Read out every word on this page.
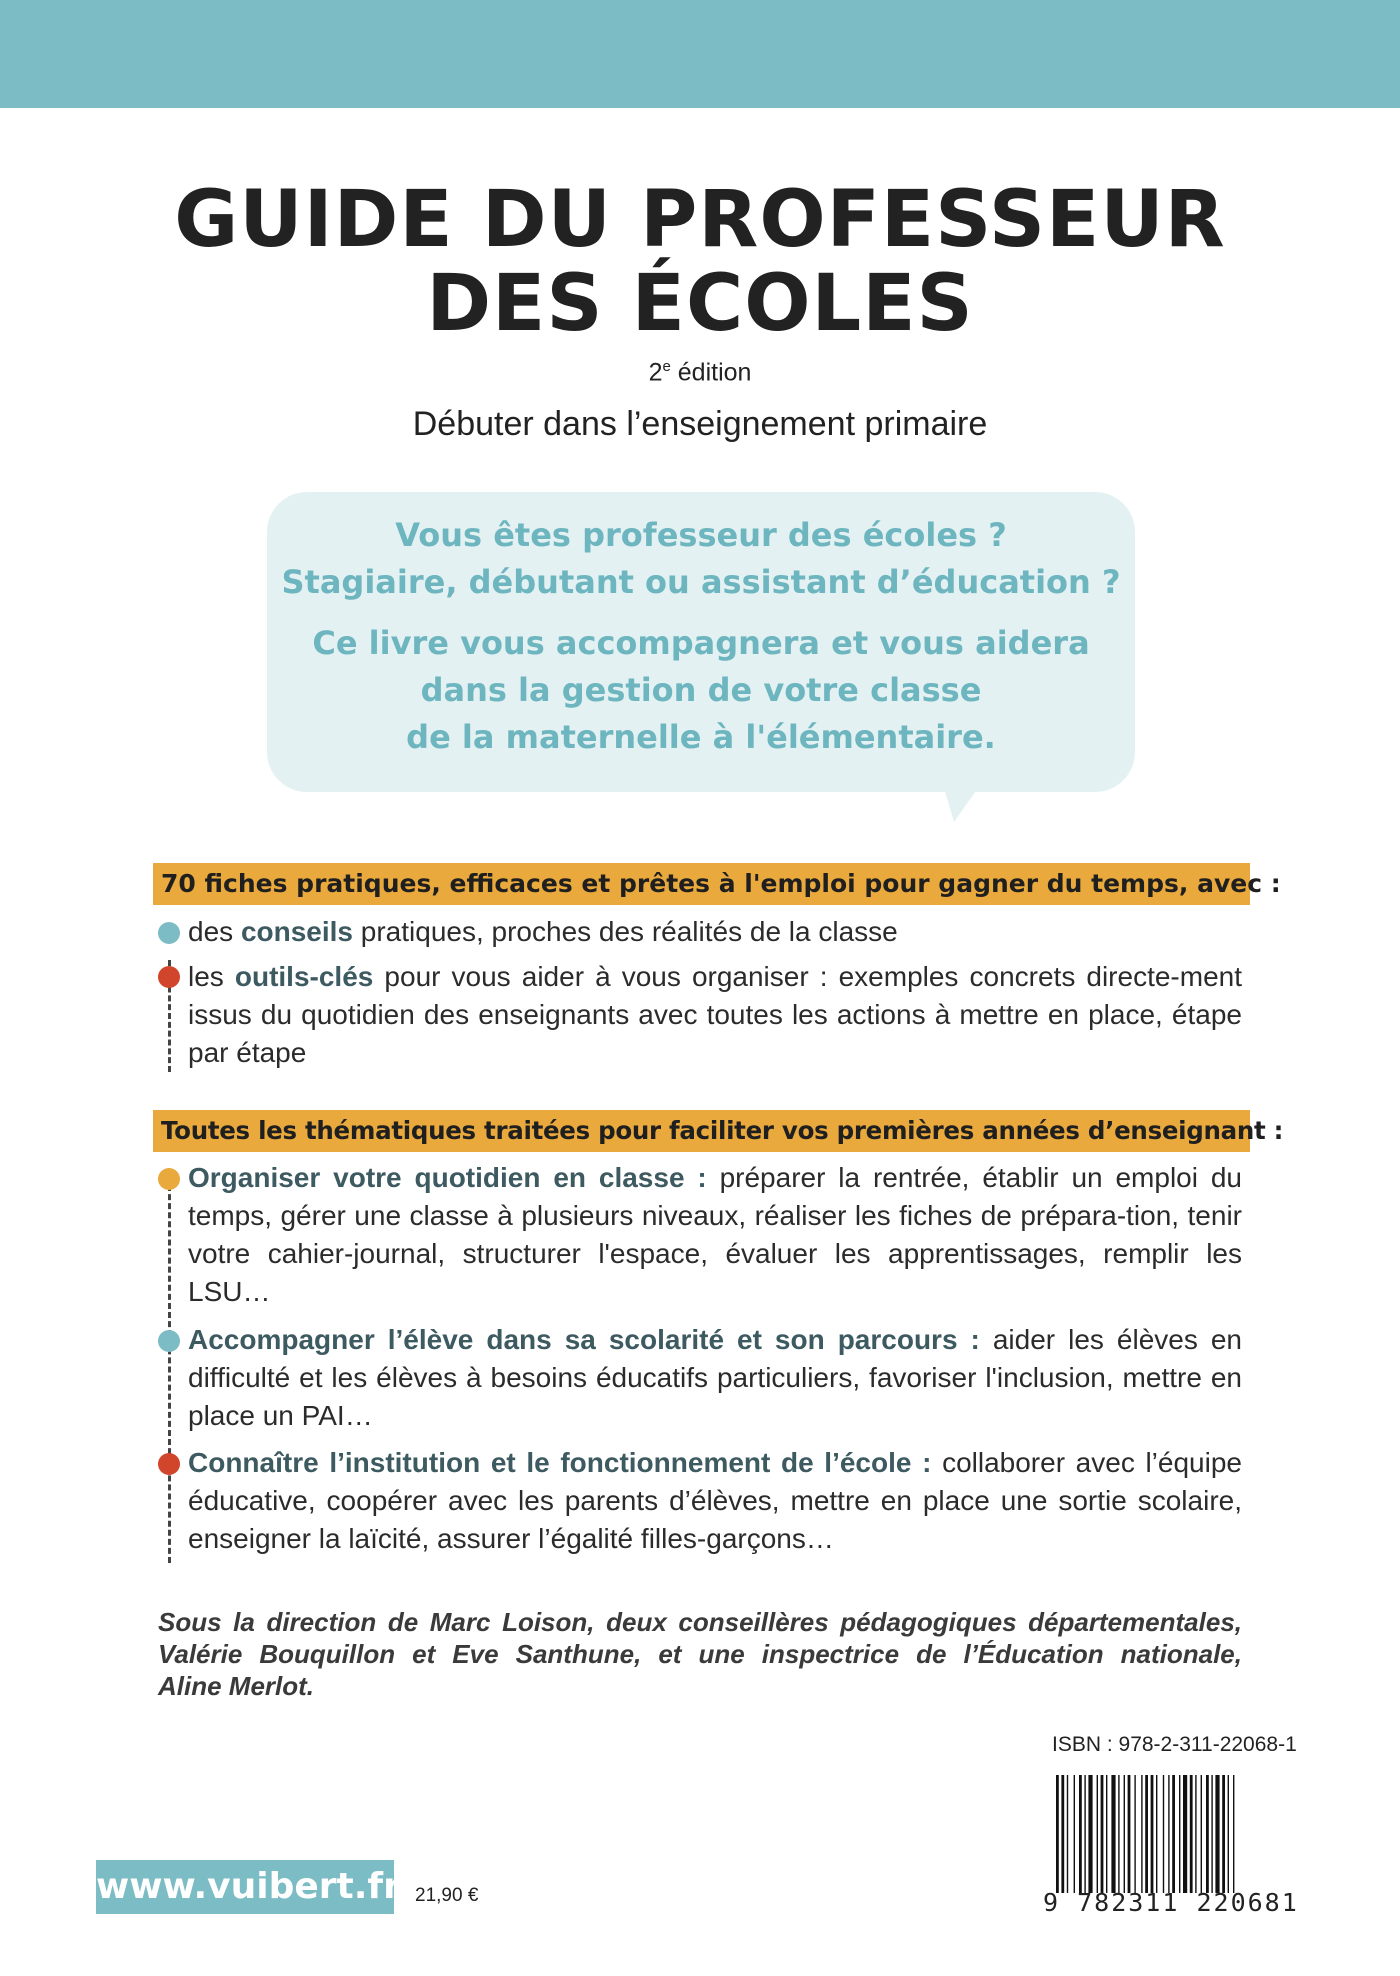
GUIDE DU PROFESSEUR
DES ÉCOLES
2e édition
Débuter dans l’enseignement primaire

Vous êtes professeur des écoles ?

Stagiaire, débutant ou assistant d’éducation ?

Ce livre vous accompagnera et vous aidera

dans la gestion de votre classe

de la maternelle à l'élémentaire.

70 fiches pratiques, efficaces et prêtes à l'emploi pour gagner du temps, avec :
des conseils pratiques, proches des réalités de la classe
les outils-clés pour vous aider à vous organiser : exemples concrets directe-ment issus du quotidien des enseignants avec toutes les actions à mettre en place, étape par étape
Toutes les thématiques traitées pour faciliter vos premières années d’enseignant :
Organiser votre quotidien en classe : préparer la rentrée, établir un emploi du temps, gérer une classe à plusieurs niveaux, réaliser les fiches de prépara-tion, tenir votre cahier-journal, structurer l'espace, évaluer les apprentissages, remplir les LSU…
Accompagner l’élève dans sa scolarité et son parcours : aider les élèves en difficulté et les élèves à besoins éducatifs particuliers, favoriser l'inclusion, mettre en place un PAI…
Connaître l’institution et le fonctionnement de l’école : collaborer avec l’équipe éducative, coopérer avec les parents d’élèves, mettre en place une sortie scolaire, enseigner la laïcité, assurer l’égalité filles-garçons…
Sous la direction de Marc Loison, deux conseillères pédagogiques départementales,
Valérie Bouquillon et Eve Santhune, et une inspectrice de l’Éducation nationale,
Aline Merlot.
ISBN : 978-2-311-22068-1
9 782311 220681
www.vuibert.fr 21,90 €
